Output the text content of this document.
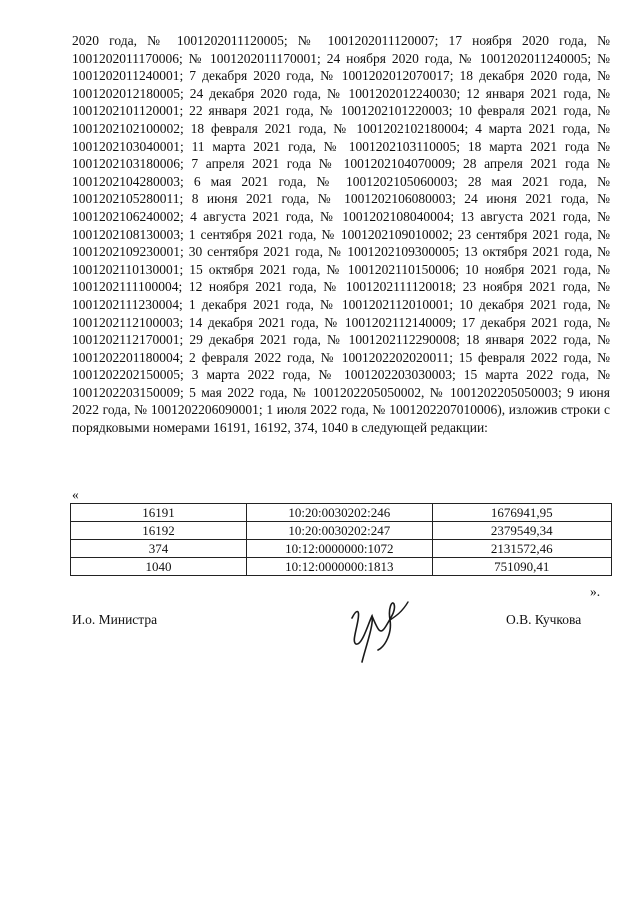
2020 года, № 1001202011120005; № 1001202011120007; 17 ноября 2020 года, № 1001202011170006; № 1001202011170001; 24 ноября 2020 года, № 1001202011240005; № 1001202011240001; 7 декабря 2020 года, № 1001202012070017; 18 декабря 2020 года, № 1001202012180005; 24 декабря 2020 года, № 1001202012240030; 12 января 2021 года, № 1001202101120001; 22 января 2021 года, № 1001202101220003; 10 февраля 2021 года, № 1001202102100002; 18 февраля 2021 года, № 1001202102180004; 4 марта 2021 года, № 1001202103040001; 11 марта 2021 года, № 1001202103110005; 18 марта 2021 года № 1001202103180006; 7 апреля 2021 года № 1001202104070009; 28 апреля 2021 года № 1001202104280003; 6 мая 2021 года, № 1001202105060003; 28 мая 2021 года, № 1001202105280011; 8 июня 2021 года, № 1001202106080003; 24 июня 2021 года, № 1001202106240002; 4 августа 2021 года, № 1001202108040004; 13 августа 2021 года, № 1001202108130003; 1 сентября 2021 года, № 1001202109010002; 23 сентября 2021 года, № 1001202109230001; 30 сентября 2021 года, № 1001202109300005; 13 октября 2021 года, № 1001202110130001; 15 октября 2021 года, № 1001202110150006; 10 ноября 2021 года, № 1001202111100004; 12 ноября 2021 года, № 1001202111120018; 23 ноября 2021 года, № 1001202111230004; 1 декабря 2021 года, № 1001202112010001; 10 декабря 2021 года, № 1001202112100003; 14 декабря 2021 года, № 1001202112140009; 17 декабря 2021 года, № 1001202112170001; 29 декабря 2021 года, № 1001202112290008; 18 января 2022 года, № 1001202201180004; 2 февраля 2022 года, № 1001202202020011; 15 февраля 2022 года, № 1001202202150005; 3 марта 2022 года, № 1001202203030003; 15 марта 2022 года, № 1001202203150009; 5 мая 2022 года, № 1001202205050002, № 1001202205050003; 9 июня 2022 года, № 1001202206090001; 1 июля 2022 года, № 1001202207010006), изложив строки с порядковыми номерами 16191, 16192, 374, 1040 в следующей редакции:

«
16191	10:20:0030202:246	1676941,95
16192	10:20:0030202:247	2379549,34
374	10:12:0000000:1072	2131572,46
1040	10:12:0000000:1813	751090,41
».
И.о. Министра	О.В. Кучкова
